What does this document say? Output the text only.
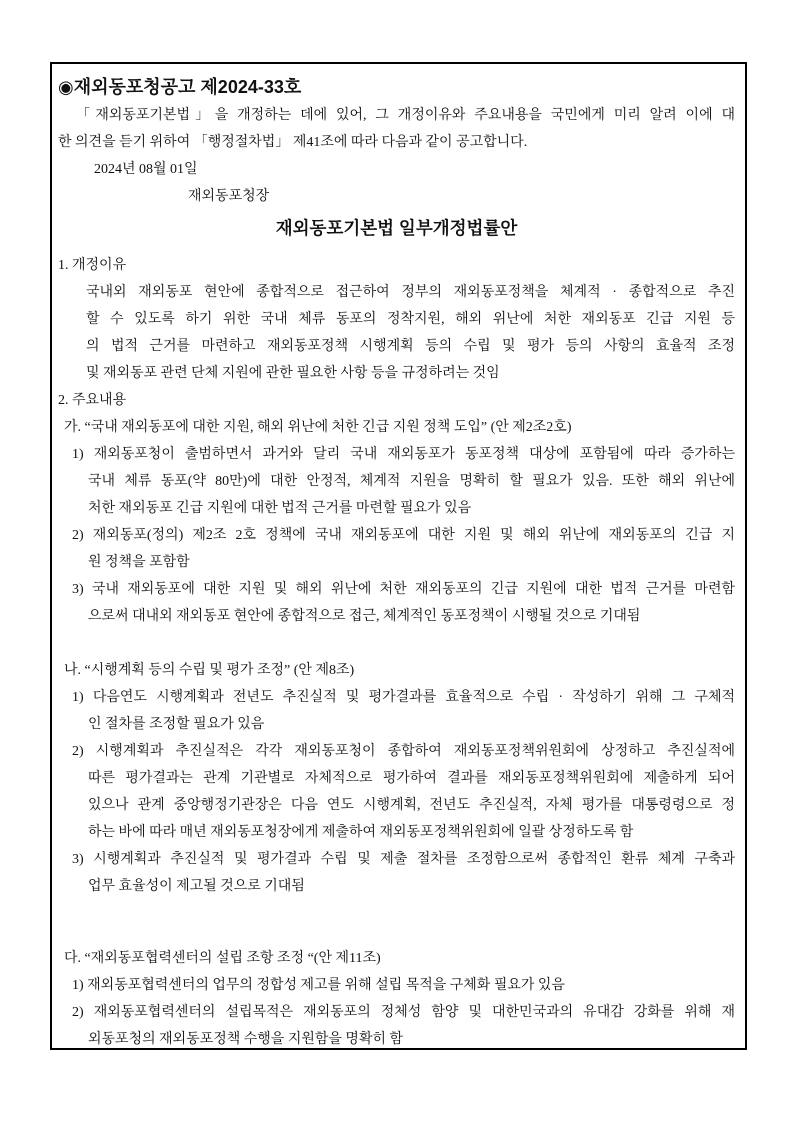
◉재외동포청공고 제2024-33호
「재외동포기본법」을 개정하는 데에 있어, 그 개정이유와 주요내용을 국민에게 미리 알려 이에 대
한 의견을 듣기 위하여 「행정절차법」 제41조에 따라 다음과 같이 공고합니다.
2024년 08월 01일
재외동포청장
재외동포기본법 일부개정법률안
1. 개정이유
국내외 재외동포 현안에 종합적으로 접근하여 정부의 재외동포정책을 체계적 · 종합적으로 추진
할 수 있도록 하기 위한 국내 체류 동포의 정착지원, 해외 위난에 처한 재외동포 긴급 지원 등
의 법적 근거를 마련하고 재외동포정책 시행계획 등의 수립 및 평가 등의 사항의 효율적 조정
및 재외동포 관련 단체 지원에 관한 필요한 사항 등을 규정하려는 것임
2. 주요내용
가. “국내 재외동포에 대한 지원, 해외 위난에 처한 긴급 지원 정책 도입” (안 제2조2호)
1) 재외동포청이 출범하면서 과거와 달리 국내 재외동포가 동포정책 대상에 포함됨에 따라 증가하는
국내 체류 동포(약 80만)에 대한 안정적, 체계적 지원을 명확히 할 필요가 있음. 또한 해외 위난에
처한 재외동포 긴급 지원에 대한 법적 근거를 마련할 필요가 있음
2) 재외동포(정의) 제2조 2호 정책에 국내 재외동포에 대한 지원 및 해외 위난에 재외동포의 긴급 지
원 정책을 포함함
3) 국내 재외동포에 대한 지원 및 해외 위난에 처한 재외동포의 긴급 지원에 대한 법적 근거를 마련함
으로써 대내외 재외동포 현안에 종합적으로 접근, 체계적인 동포정책이 시행될 것으로 기대됨
나. “시행계획 등의 수립 및 평가 조정” (안 제8조)
1) 다음연도 시행계획과 전년도 추진실적 및 평가결과를 효율적으로 수립 · 작성하기 위해 그 구체적
인 절차를 조정할 필요가 있음
2) 시행계획과 추진실적은 각각 재외동포청이 종합하여 재외동포정책위원회에 상정하고 추진실적에
따른 평가결과는 관계 기관별로 자체적으로 평가하여 결과를 재외동포정책위원회에 제출하게 되어
있으나 관계 중앙행정기관장은 다음 연도 시행계획, 전년도 추진실적, 자체 평가를 대통령령으로 정
하는 바에 따라 매년 재외동포청장에게 제출하여 재외동포정책위원회에 일괄 상정하도록 함
3) 시행계획과 추진실적 및 평가결과 수립 및 제출 절차를 조정함으로써 종합적인 환류 체계 구축과
업무 효율성이 제고될 것으로 기대됨
다. “재외동포협력센터의 설립 조항 조정 “(안 제11조)
1) 재외동포협력센터의 업무의 정합성 제고를 위해 설립 목적을 구체화 필요가 있음
2) 재외동포협력센터의 설립목적은 재외동포의 정체성 함양 및 대한민국과의 유대감 강화를 위해 재
외동포청의 재외동포정책 수행을 지원함을 명확히 함
